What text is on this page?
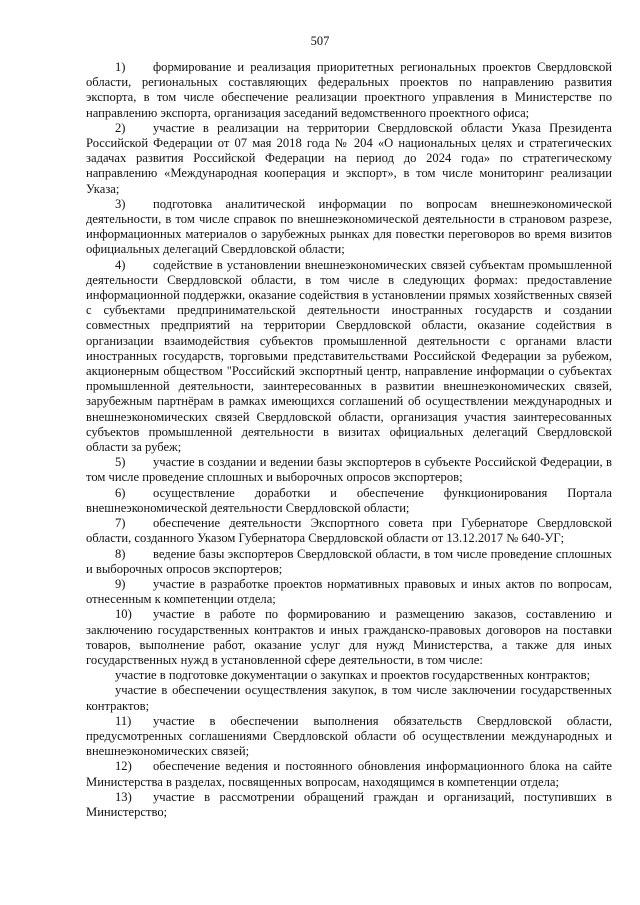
507

1) формирование и реализация приоритетных региональных проектов Свердловской области, региональных составляющих федеральных проектов по направлению развития экспорта, в том числе обеспечение реализации проектного управления в Министерстве по направлению экспорта, организация заседаний ведомственного проектного офиса;

2) участие в реализации на территории Свердловской области Указа Президента Российской Федерации от 07 мая 2018 года № 204 «О национальных целях и стратегических задачах развития Российской Федерации на период до 2024 года» по стратегическому направлению «Международная кооперация и экспорт», в том числе мониторинг реализации Указа;

3) подготовка аналитической информации по вопросам внешнеэкономической деятельности, в том числе справок по внешнеэкономической деятельности в страновом разрезе, информационных материалов о зарубежных рынках для повестки переговоров во время визитов официальных делегаций Свердловской области;

4) содействие в установлении внешнеэкономических связей субъектам промышленной деятельности Свердловской области, в том числе в следующих формах: предоставление информационной поддержки, оказание содействия в установлении прямых хозяйственных связей с субъектами предпринимательской деятельности иностранных государств и создании совместных предприятий на территории Свердловской области, оказание содействия в организации взаимодействия субъектов промышленной деятельности с органами власти иностранных государств, торговыми представительствами Российской Федерации за рубежом, акционерным обществом "Российский экспортный центр, направление информации о субъектах промышленной деятельности, заинтересованных в развитии внешнеэкономических связей, зарубежным партнёрам в рамках имеющихся соглашений об осуществлении международных и внешнеэкономических связей Свердловской области, организация участия заинтересованных субъектов промышленной деятельности в визитах официальных делегаций Свердловской области за рубеж;

5) участие в создании и ведении базы экспортеров в субъекте Российской Федерации, в том числе проведение сплошных и выборочных опросов экспортеров;

6) осуществление доработки и обеспечение функционирования Портала внешнеэкономической деятельности Свердловской области;

7) обеспечение деятельности Экспортного совета при Губернаторе Свердловской области, созданного Указом Губернатора Свердловской области от 13.12.2017 № 640-УГ;

8) ведение базы экспортеров Свердловской области, в том числе проведение сплошных и выборочных опросов экспортеров;

9) участие в разработке проектов нормативных правовых и иных актов по вопросам, отнесенным к компетенции отдела;

10) участие в работе по формированию и размещению заказов, составлению и заключению государственных контрактов и иных гражданско-правовых договоров на поставки товаров, выполнение работ, оказание услуг для нужд Министерства, а также для иных государственных нужд в установленной сфере деятельности, в том числе:

участие в подготовке документации о закупках и проектов государственных контрактов;

участие в обеспечении осуществления закупок, в том числе заключении государственных контрактов;

11) участие в обеспечении выполнения обязательств Свердловской области, предусмотренных соглашениями Свердловской области об осуществлении международных и внешнеэкономических связей;

12) обеспечение ведения и постоянного обновления информационного блока на сайте Министерства в разделах, посвященных вопросам, находящимся в компетенции отдела;

13) участие в рассмотрении обращений граждан и организаций, поступивших в Министерство;
